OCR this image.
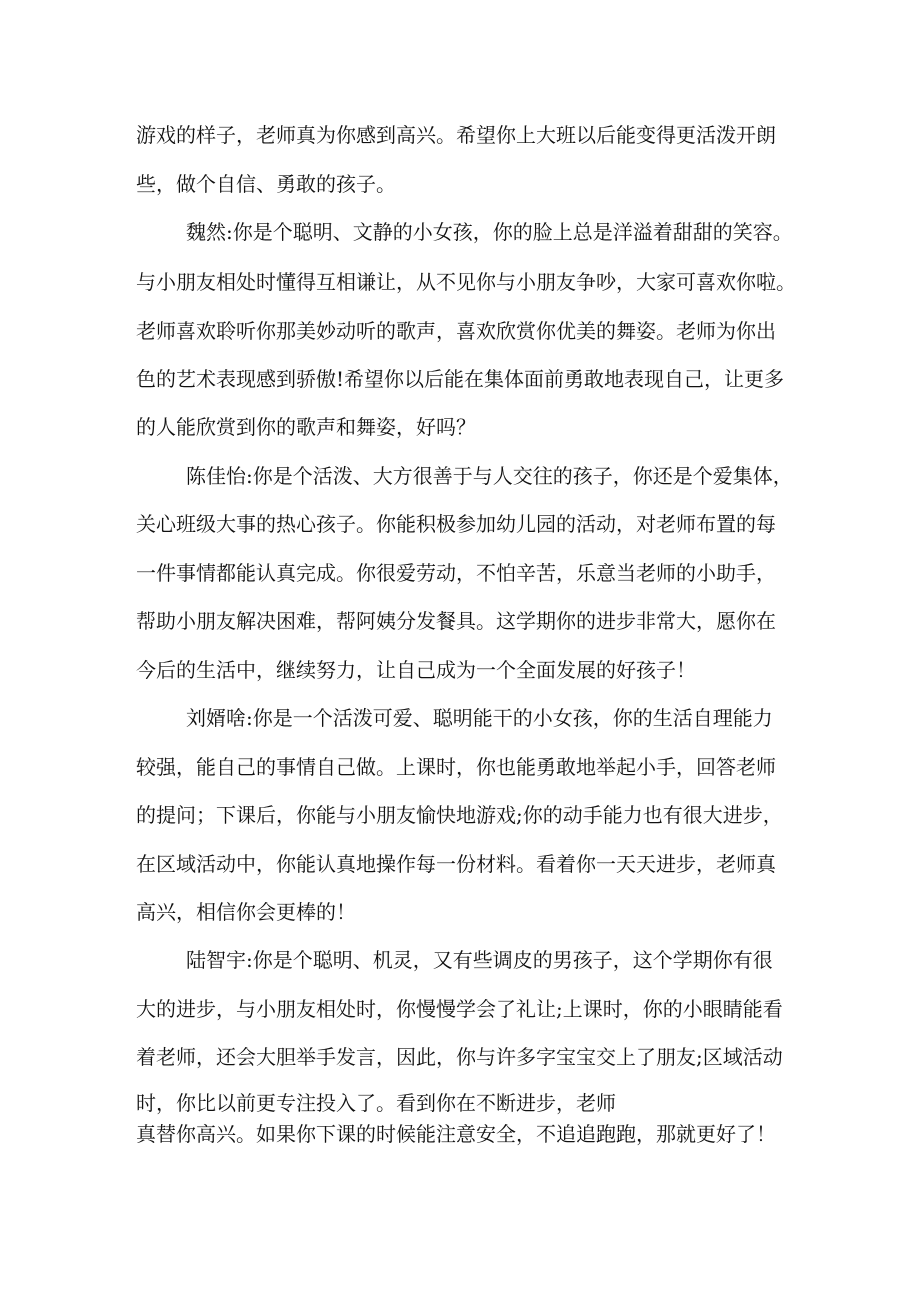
游戏的样子，老师真为你感到高兴。希望你上大班以后能变得更活泼开朗

些，做个自信、勇敢的孩子。

魏然:你是个聪明、文静的小女孩，你的脸上总是洋溢着甜甜的笑容。

与小朋友相处时懂得互相谦让，从不见你与小朋友争吵，大家可喜欢你啦。

老师喜欢聆听你那美妙动听的歌声，喜欢欣赏你优美的舞姿。老师为你出

色的艺术表现感到骄傲!希望你以后能在集体面前勇敢地表现自己，让更多

的人能欣赏到你的歌声和舞姿，好吗？

陈佳怡:你是个活泼、大方很善于与人交往的孩子，你还是个爱集体，

关心班级大事的热心孩子。你能积极参加幼儿园的活动，对老师布置的每

一件事情都能认真完成。你很爱劳动，不怕辛苦，乐意当老师的小助手，

帮助小朋友解决困难，帮阿姨分发餐具。这学期你的进步非常大，愿你在

今后的生活中，继续努力，让自己成为一个全面发展的好孩子！

刘婿啥:你是一个活泼可爱、聪明能干的小女孩，你的生活自理能力

较强，能自己的事情自己做。上课时，你也能勇敢地举起小手，回答老师

的提问；下课后，你能与小朋友愉快地游戏;你的动手能力也有很大进步，

在区域活动中，你能认真地操作每一份材料。看着你一天天进步，老师真

高兴，相信你会更棒的！

陆智宇:你是个聪明、机灵，又有些调皮的男孩子，这个学期你有很

大的进步，与小朋友相处时，你慢慢学会了礼让;上课时，你的小眼睛能看

着老师，还会大胆举手发言，因此，你与许多字宝宝交上了朋友;区域活动

时，你比以前更专注投入了。看到你在不断进步，老师

真替你高兴。如果你下课的时候能注意安全，不追追跑跑，那就更好了！
